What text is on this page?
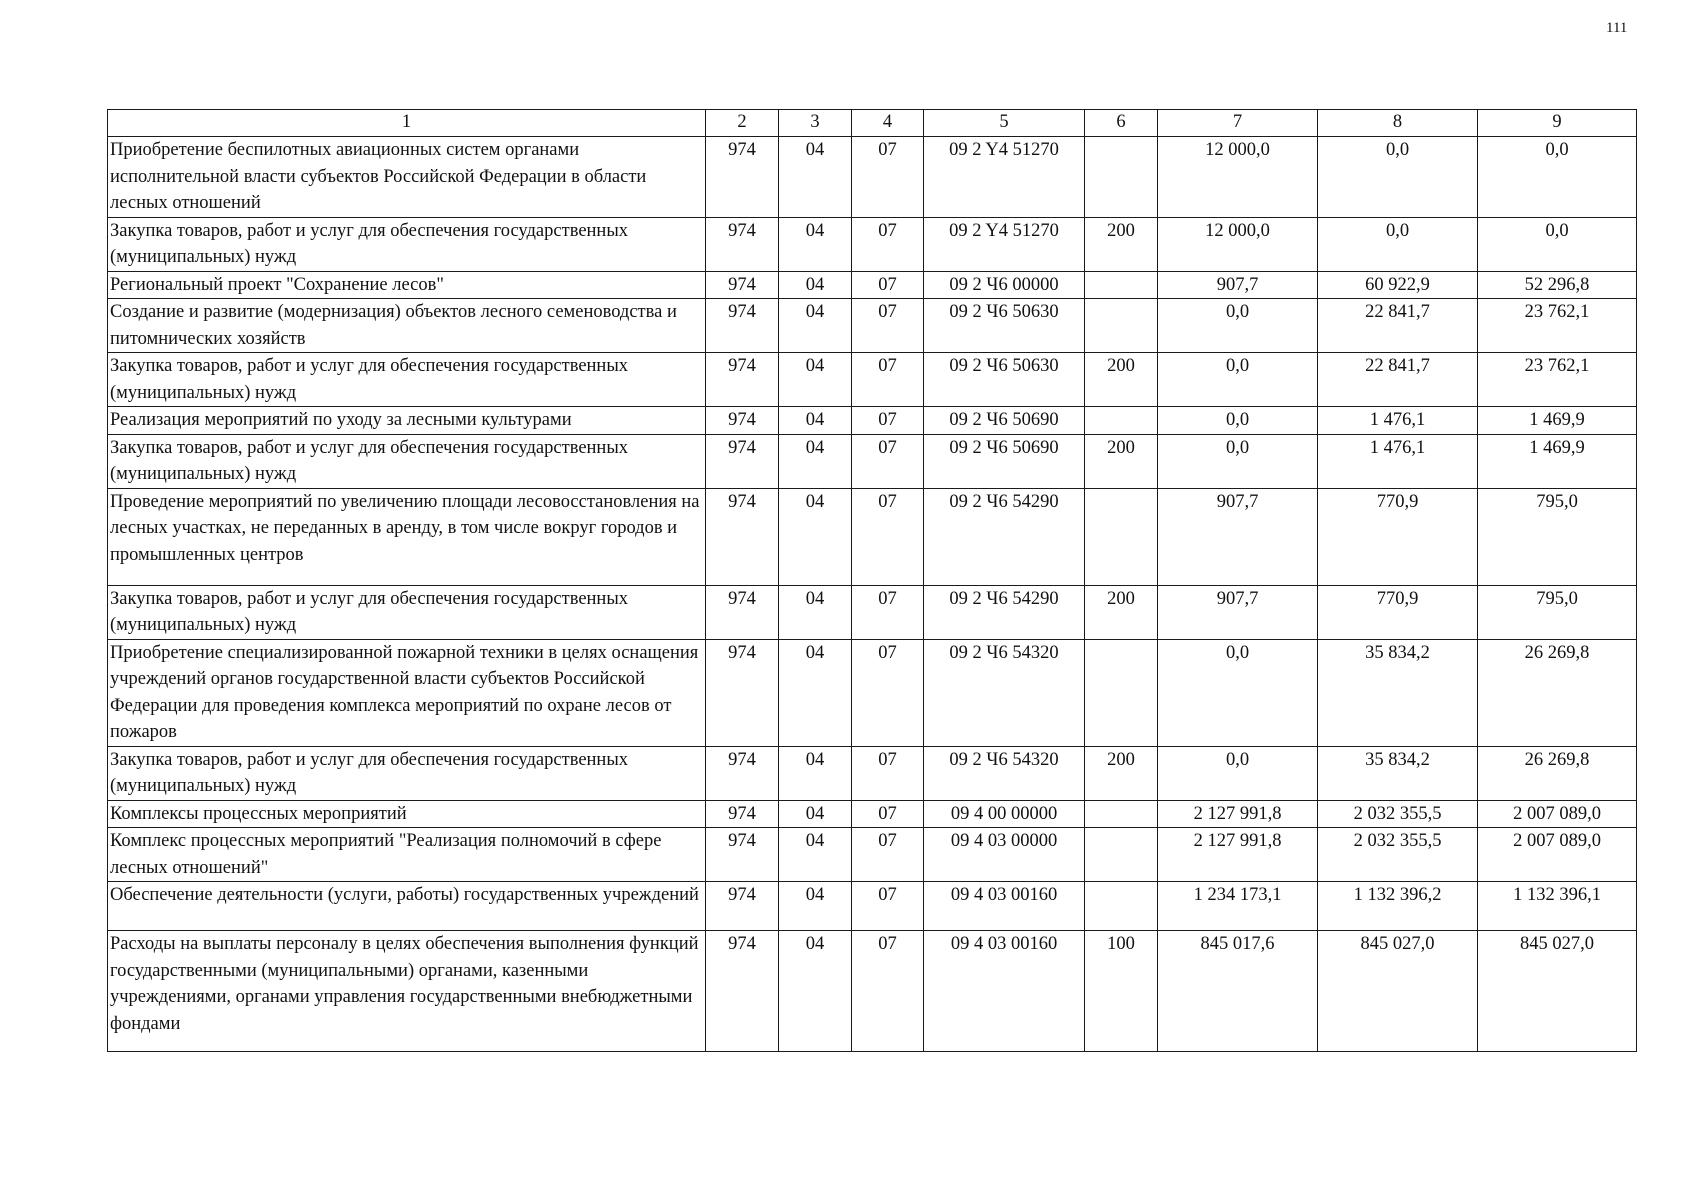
111
1	2	3	4	5	6	7	8	9
Приобретение беспилотных авиационных систем органами исполнительной власти субъектов Российской Федерации в области лесных отношений	974	04	07	09 2 Y4 51270		12 000,0	0,0	0,0
Закупка товаров, работ и услуг для обеспечения государственных (муниципальных) нужд	974	04	07	09 2 Y4 51270	200	12 000,0	0,0	0,0
Региональный проект "Сохранение лесов"	974	04	07	09 2 Ч6 00000		907,7	60 922,9	52 296,8
Создание и развитие (модернизация) объектов лесного семеноводства и питомнических хозяйств	974	04	07	09 2 Ч6 50630		0,0	22 841,7	23 762,1
Закупка товаров, работ и услуг для обеспечения государственных (муниципальных) нужд	974	04	07	09 2 Ч6 50630	200	0,0	22 841,7	23 762,1
Реализация мероприятий по уходу за лесными культурами	974	04	07	09 2 Ч6 50690		0,0	1 476,1	1 469,9
Закупка товаров, работ и услуг для обеспечения государственных (муниципальных) нужд	974	04	07	09 2 Ч6 50690	200	0,0	1 476,1	1 469,9
Проведение мероприятий по увеличению площади лесовосстановления на лесных участках, не переданных в аренду, в том числе вокруг городов и промышленных центров	974	04	07	09 2 Ч6 54290		907,7	770,9	795,0
Закупка товаров, работ и услуг для обеспечения государственных (муниципальных) нужд	974	04	07	09 2 Ч6 54290	200	907,7	770,9	795,0
Приобретение специализированной пожарной техники в целях оснащения учреждений органов государственной власти субъектов Российской Федерации для проведения комплекса мероприятий по охране лесов от пожаров	974	04	07	09 2 Ч6 54320		0,0	35 834,2	26 269,8
Закупка товаров, работ и услуг для обеспечения государственных (муниципальных) нужд	974	04	07	09 2 Ч6 54320	200	0,0	35 834,2	26 269,8
Комплексы процессных мероприятий	974	04	07	09 4 00 00000		2 127 991,8	2 032 355,5	2 007 089,0
Комплекс процессных мероприятий "Реализация полномочий в сфере лесных отношений"	974	04	07	09 4 03 00000		2 127 991,8	2 032 355,5	2 007 089,0
Обеспечение деятельности (услуги, работы) государственных учреждений	974	04	07	09 4 03 00160		1 234 173,1	1 132 396,2	1 132 396,1
Расходы на выплаты персоналу в целях обеспечения выполнения функций государственными (муниципальными) органами, казенными учреждениями, органами управления государственными внебюджетными фондами	974	04	07	09 4 03 00160	100	845 017,6	845 027,0	845 027,0
